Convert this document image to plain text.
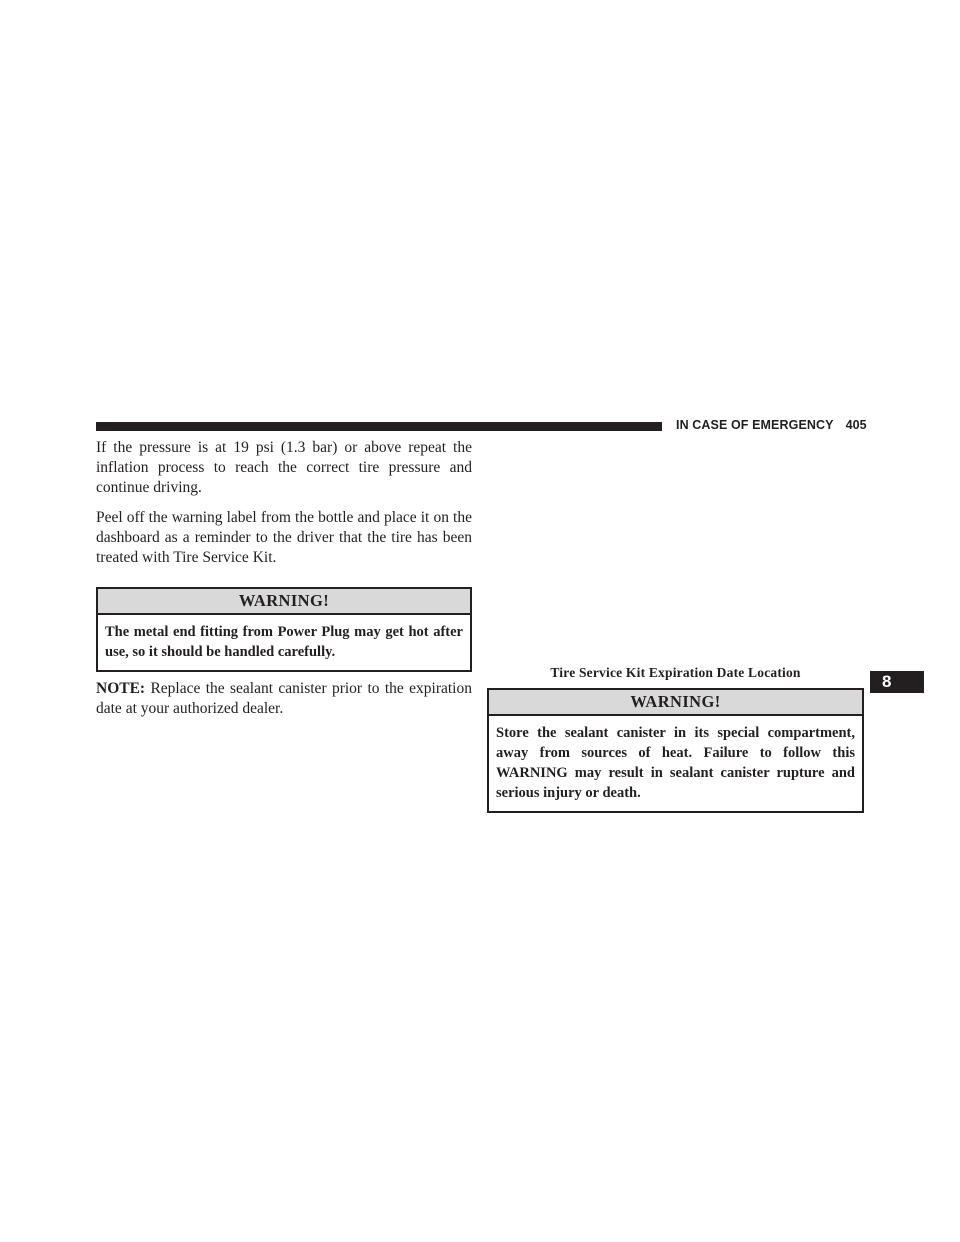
IN CASE OF EMERGENCY 405

If the pressure is at 19 psi (1.3 bar) or above repeat the inflation process to reach the correct tire pressure and continue driving.

Peel off the warning label from the bottle and place it on the dashboard as a reminder to the driver that the tire has been treated with Tire Service Kit.

WARNING!
The metal end fitting from Power Plug may get hot after use, so it should be handled carefully.

NOTE: Replace the sealant canister prior to the expiration date at your authorized dealer.

Tire Service Kit Expiration Date Location
WARNING!
Store the sealant canister in its special compartment, away from sources of heat. Failure to follow this WARNING may result in sealant canister rupture and serious injury or death.
8
